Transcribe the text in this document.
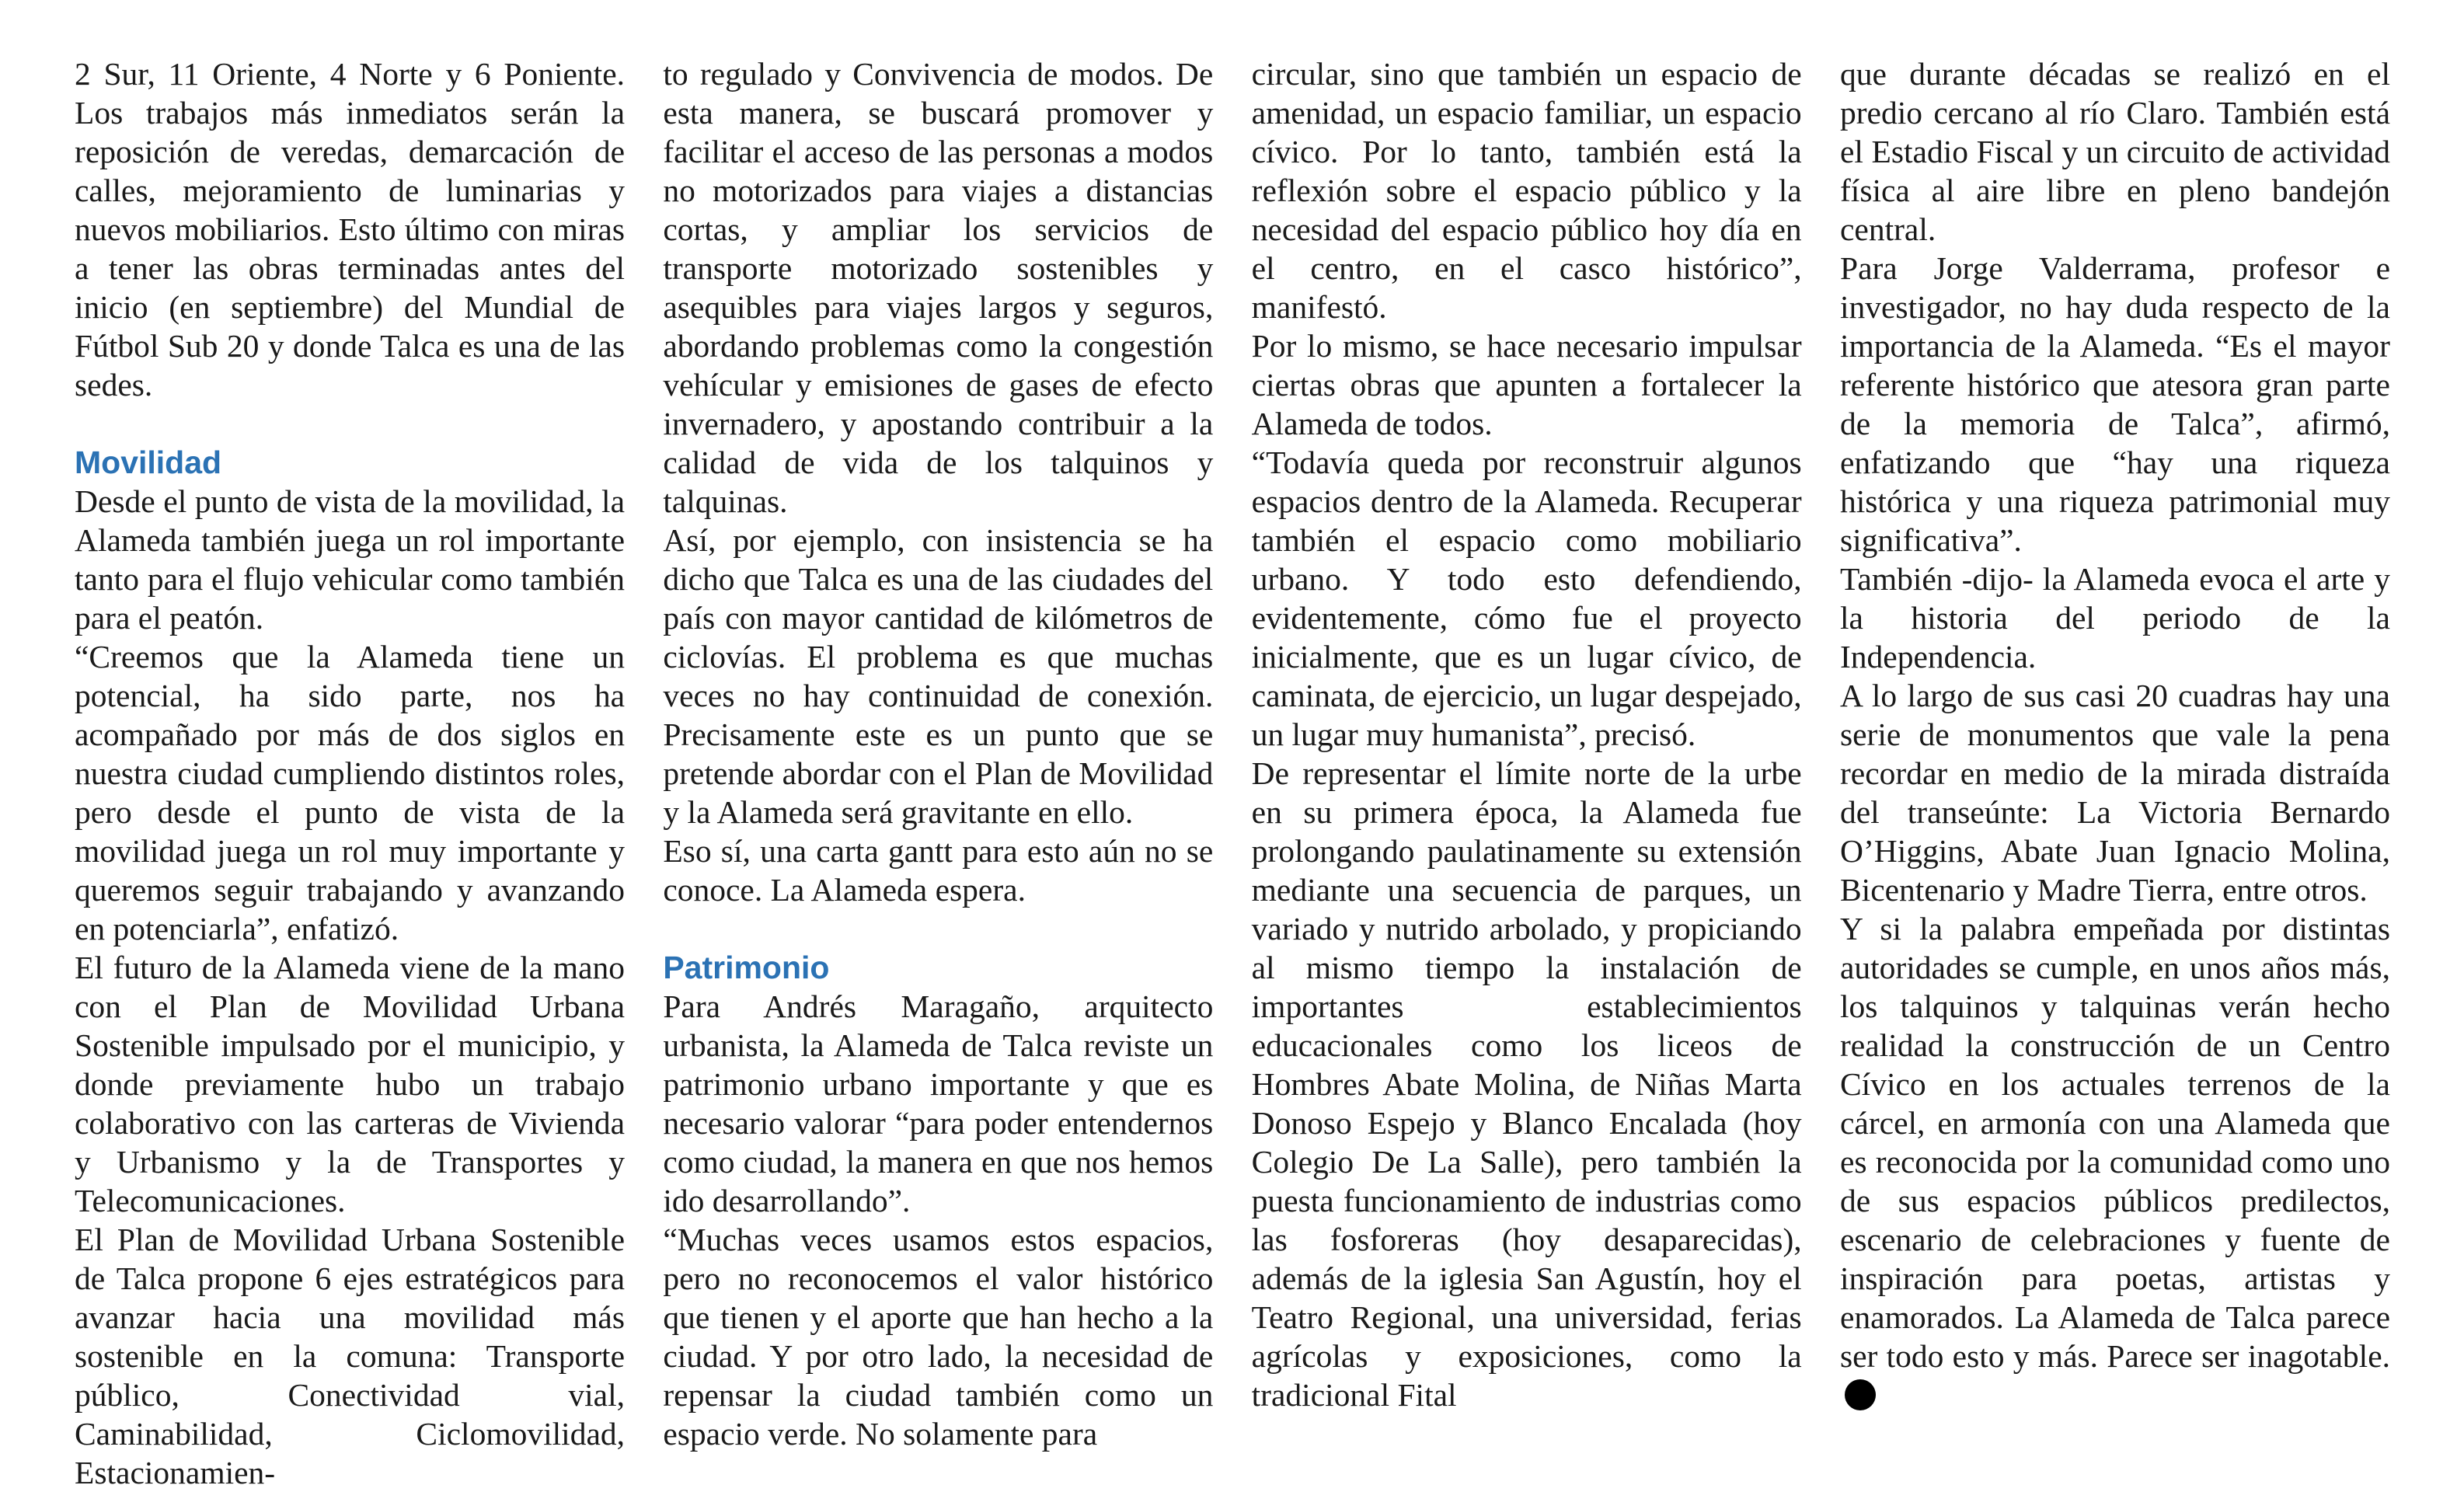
2 Sur, 11 Oriente, 4 Norte y 6 Poniente. Los trabajos más inmediatos serán la reposición de veredas, demarcación de calles, mejoramiento de luminarias y nuevos mobiliarios. Esto último con miras a tener las obras terminadas antes del inicio (en septiembre) del Mundial de Fútbol Sub 20 y donde Talca es una de las sedes.

Movilidad

Desde el punto de vista de la movilidad, la Alameda también juega un rol importante tanto para el flujo vehicular como también para el peatón.

“Creemos que la Alameda tiene un potencial, ha sido parte, nos ha acompañado por más de dos siglos en nuestra ciudad cumpliendo distintos roles, pero desde el punto de vista de la movilidad juega un rol muy importante y queremos seguir trabajando y avanzando en potenciarla”, enfatizó.

El futuro de la Alameda viene de la mano con el Plan de Movilidad Urbana Sostenible impulsado por el municipio, y donde previamente hubo un trabajo colaborativo con las carteras de Vivienda y Urbanismo y la de Transportes y Telecomunicaciones.

El Plan de Movilidad Urbana Sostenible de Talca propone 6 ejes estratégicos para avanzar hacia una movilidad más sostenible en la comuna: Transporte público, Conectividad vial, Caminabilidad, Ciclomovilidad, Estacionamien-

to regulado y Convivencia de modos. De esta manera, se buscará promover y facilitar el acceso de las personas a modos no motorizados para viajes a distancias cortas, y ampliar los servicios de transporte motorizado sostenibles y asequibles para viajes largos y seguros, abordando problemas como la congestión vehícular y emisiones de gases de efecto invernadero, y apostando contribuir a la calidad de vida de los talquinos y talquinas.

Así, por ejemplo, con insistencia se ha dicho que Talca es una de las ciudades del país con mayor cantidad de kilómetros de ciclovías. El problema es que muchas veces no hay continuidad de conexión. Precisamente este es un punto que se pretende abordar con el Plan de Movilidad y la Alameda será gravitante en ello.

Eso sí, una carta gantt para esto aún no se conoce. La Alameda espera.

Patrimonio

Para Andrés Maragaño, arquitecto urbanista, la Alameda de Talca reviste un patrimonio urbano importante y que es necesario valorar “para poder entendernos como ciudad, la manera en que nos hemos ido desarrollando”.

“Muchas veces usamos estos espacios, pero no reconocemos el valor histórico que tienen y el aporte que han hecho a la ciudad. Y por otro lado, la necesidad de repensar la ciudad también como un espacio verde. No solamente para

circular, sino que también un espacio de amenidad, un espacio familiar, un espacio cívico. Por lo tanto, también está la reflexión sobre el espacio público y la necesidad del espacio público hoy día en el centro, en el casco histórico”, manifestó.

Por lo mismo, se hace necesario impulsar ciertas obras que apunten a fortalecer la Alameda de todos.

“Todavía queda por reconstruir algunos espacios dentro de la Alameda. Recuperar también el espacio como mobiliario urbano. Y todo esto defendiendo, evidentemente, cómo fue el proyecto inicialmente, que es un lugar cívico, de caminata, de ejercicio, un lugar despejado, un lugar muy humanista”, precisó.

De representar el límite norte de la urbe en su primera época, la Alameda fue prolongando paulatinamente su extensión mediante una secuencia de parques, un variado y nutrido arbolado, y propiciando al mismo tiempo la instalación de importantes establecimientos educacionales como los liceos de Hombres Abate Molina, de Niñas Marta Donoso Espejo y Blanco Encalada (hoy Colegio De La Salle), pero también la puesta funcionamiento de industrias como las fosforeras (hoy desaparecidas), además de la iglesia San Agustín, hoy el Teatro Regional, una universidad, ferias agrícolas y exposiciones, como la tradicional Fital

que durante décadas se realizó en el predio cercano al río Claro. También está el Estadio Fiscal y un circuito de actividad física al aire libre en pleno bandejón central.

Para Jorge Valderrama, profesor e investigador, no hay duda respecto de la importancia de la Alameda. “Es el mayor referente histórico que atesora gran parte de la memoria de Talca”, afirmó, enfatizando que “hay una riqueza histórica y una riqueza patrimonial muy significativa”.

También -dijo- la Alameda evoca el arte y la historia del periodo de la Independencia.

A lo largo de sus casi 20 cuadras hay una serie de monumentos que vale la pena recordar en medio de la mirada distraída del transeúnte: La Victoria Bernardo O’Higgins, Abate Juan Ignacio Molina, Bicentenario y Madre Tierra, entre otros.

Y si la palabra empeñada por distintas autoridades se cumple, en unos años más, los talquinos y talquinas verán hecho realidad la construcción de un Centro Cívico en los actuales terrenos de la cárcel, en armonía con una Alameda que es reconocida por la comunidad como uno de sus espacios públicos predilectos, escenario de celebraciones y fuente de inspiración para poetas, artistas y enamorados. La Alameda de Talca parece ser todo esto y más. Parece ser inagotable.
